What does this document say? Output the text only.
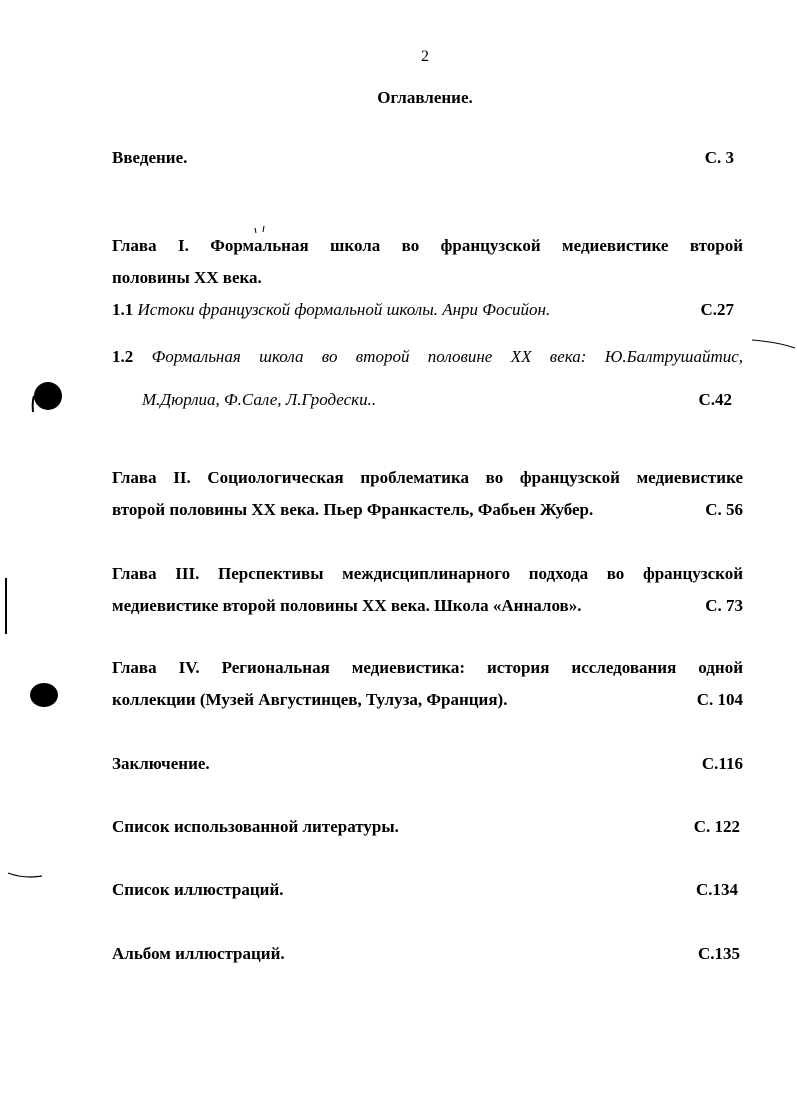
2
Оглавление.
Введение.	С. 3
Глава I. Формальная школа во французской медиевистике второй
половины XX века.
1.1 Истоки французской формальной школы. Анри Фосийон.	С.27
1.2 Формальная школа во второй половине XX века: Ю.Балтрушайтис,
М.Дюрлиа, Ф.Сале, Л.Гродески..	С.42
Глава II. Социологическая проблематика во французской медиевистике
второй половины XX века. Пьер Франкастель, Фабьен Жубер.	С. 56
Глава III. Перспективы междисциплинарного подхода во французской
медиевистике второй половины XX века. Школа «Анналов».	С. 73
Глава IV. Региональная медиевистика: история исследования одной
коллекции (Музей Августинцев, Тулуза, Франция).	С. 104
Заключение.	С.116
Список использованной литературы.	С. 122
Список иллюстраций.	С.134
Альбом иллюстраций.	С.135
